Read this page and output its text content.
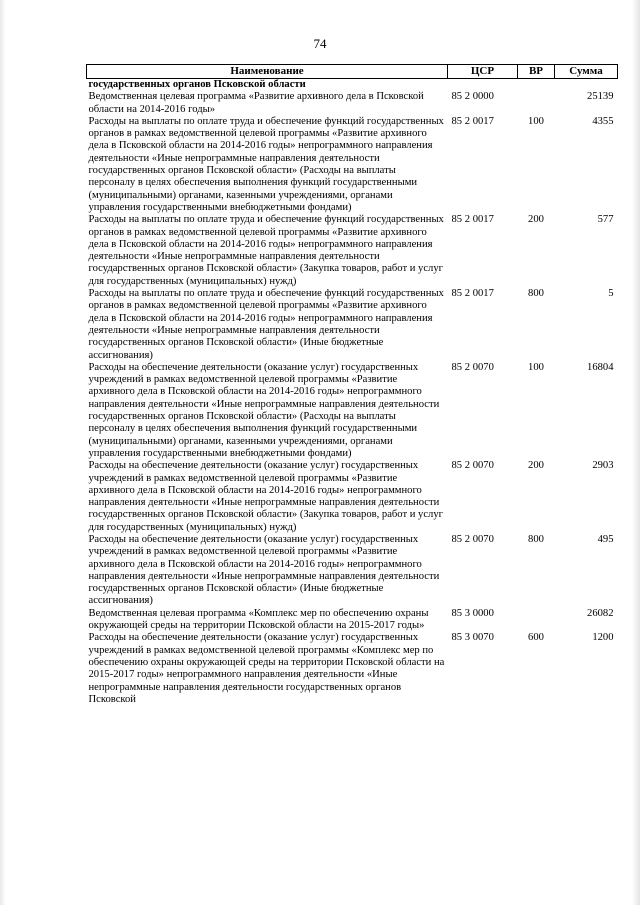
74
Наименование	ЦСР	ВР	Сумма
государственных органов Псковской области			
Ведомственная целевая программа «Развитие архивного дела в Псковской области на 2014-2016 годы»	85 2 0000		25139
Расходы на выплаты по оплате труда и обеспечение функций государственных органов в рамках ведомственной целевой программы «Развитие архивного дела в Псковской области на 2014-2016 годы» непрограммного направления деятельности «Иные непрограммные направления деятельности государственных органов Псковской области» (Расходы на выплаты персоналу в целях обеспечения выполнения функций государственными (муниципальными) органами, казенными учреждениями, органами управления государственными внебюджетными фондами)	85 2 0017	100	4355
Расходы на выплаты по оплате труда и обеспечение функций государственных органов в рамках ведомственной целевой программы «Развитие архивного дела в Псковской области на 2014-2016 годы» непрограммного направления деятельности «Иные непрограммные направления деятельности государственных органов Псковской области» (Закупка товаров, работ и услуг для государственных (муниципальных) нужд)	85 2 0017	200	577
Расходы на выплаты по оплате труда и обеспечение функций государственных органов в рамках ведомственной целевой программы «Развитие архивного дела в Псковской области на 2014-2016 годы» непрограммного направления деятельности «Иные непрограммные направления деятельности государственных органов Псковской области» (Иные бюджетные ассигнования)	85 2 0017	800	5
Расходы на обеспечение деятельности (оказание услуг) государственных учреждений в рамках ведомственной целевой программы «Развитие архивного дела в Псковской области на 2014-2016 годы» непрограммного направления деятельности «Иные непрограммные направления деятельности государственных органов Псковской области» (Расходы на выплаты персоналу в целях обеспечения выполнения функций государственными (муниципальными) органами, казенными учреждениями, органами управления государственными внебюджетными фондами)	85 2 0070	100	16804
Расходы на обеспечение деятельности (оказание услуг) государственных учреждений в рамках ведомственной целевой программы «Развитие архивного дела в Псковской области на 2014-2016 годы» непрограммного направления деятельности «Иные непрограммные направления деятельности государственных органов Псковской области» (Закупка товаров, работ и услуг для государственных (муниципальных) нужд)	85 2 0070	200	2903
Расходы на обеспечение деятельности (оказание услуг) государственных учреждений в рамках ведомственной целевой программы «Развитие архивного дела в Псковской области на 2014-2016 годы» непрограммного направления деятельности «Иные непрограммные направления деятельности государственных органов Псковской области» (Иные бюджетные ассигнования)	85 2 0070	800	495
Ведомственная целевая программа «Комплекс мер по обеспечению охраны окружающей среды на территории Псковской области на 2015-2017 годы»	85 3 0000		26082
Расходы на обеспечение деятельности (оказание услуг) государственных учреждений в рамках ведомственной целевой программы «Комплекс мер по обеспечению охраны окружающей среды на территории Псковской области на 2015-2017 годы» непрограммного направления деятельности «Иные непрограммные направления деятельности государственных органов Псковской	85 3 0070	600	1200
